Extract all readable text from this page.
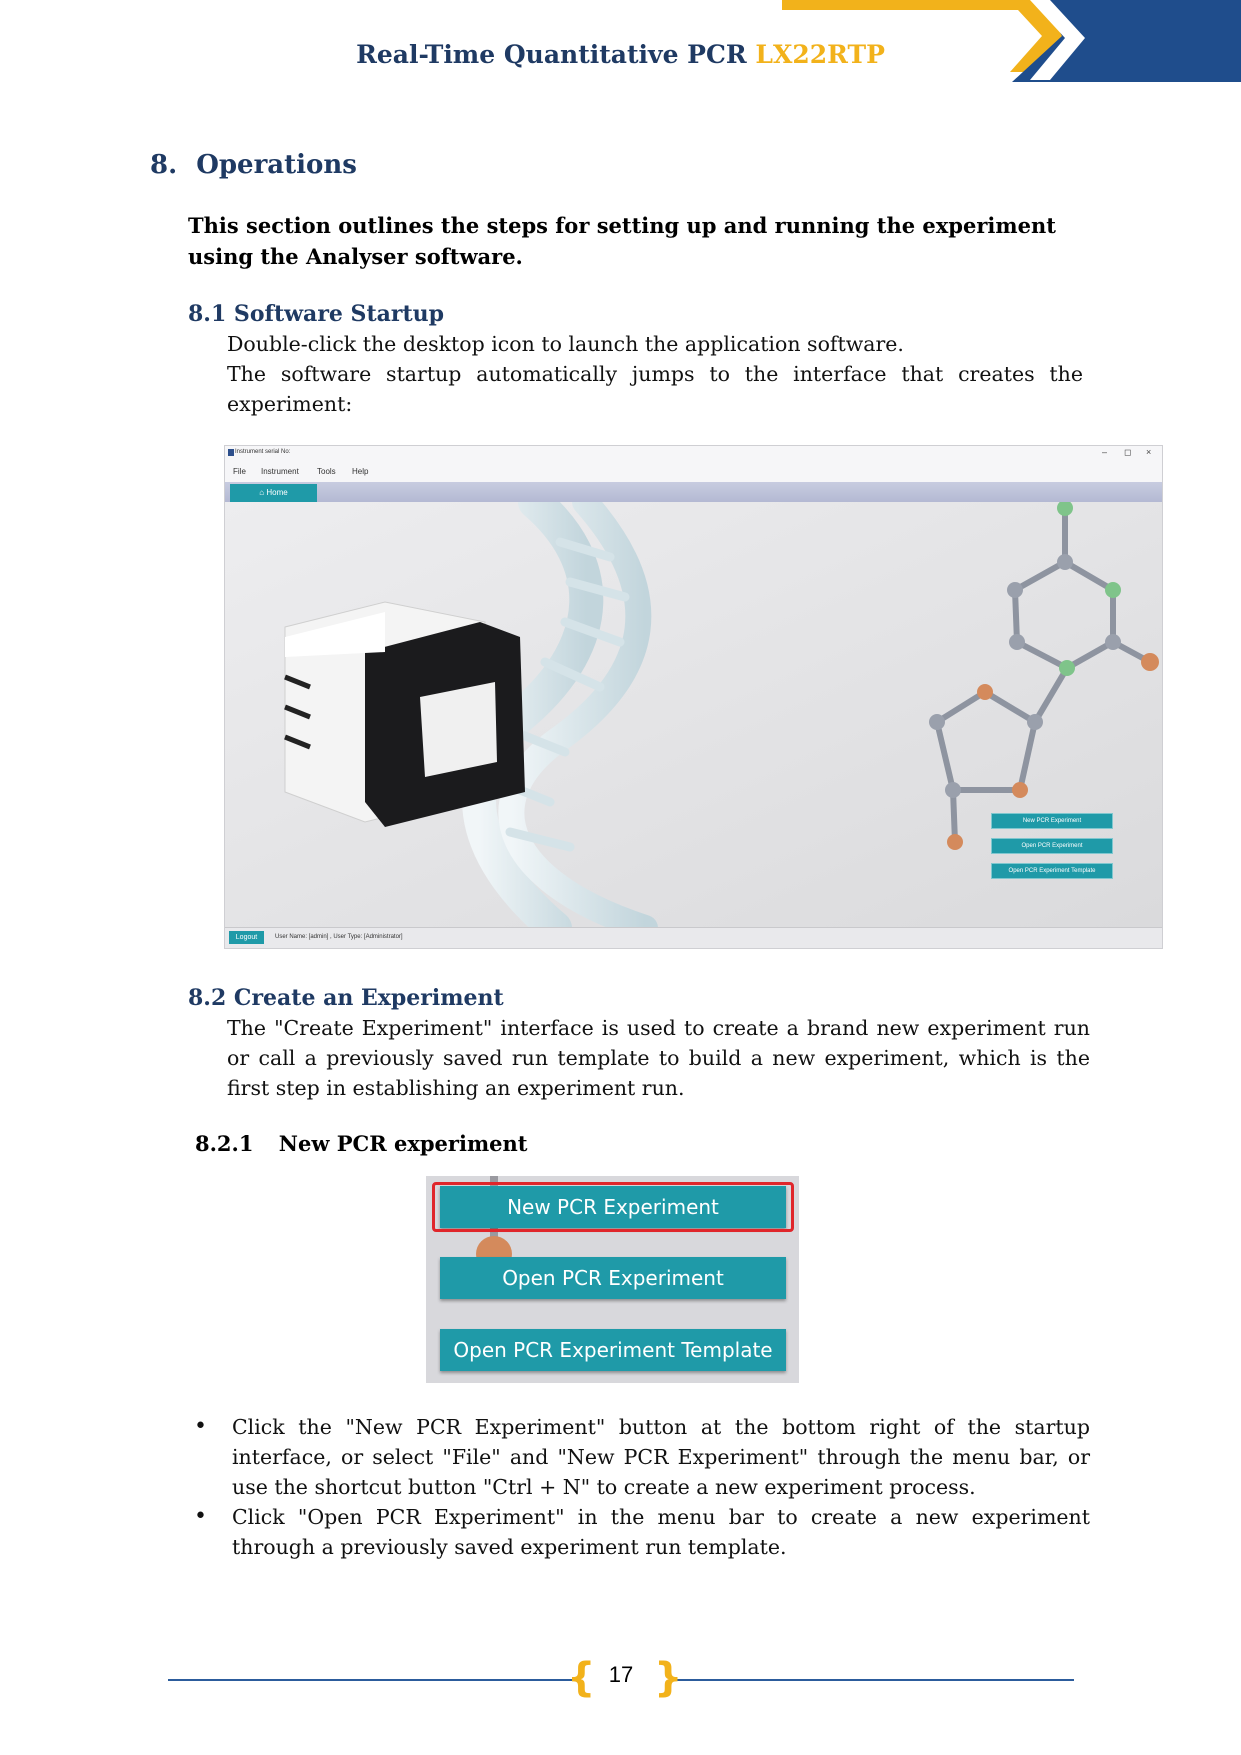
Real-Time Quantitative PCR LX22RTP
8. Operations
This section outlines the steps for setting up and running the experiment using the Analyser software.
8.1 Software Startup
Double-click the desktop icon to launch the application software.
The software startup automatically jumps to the interface that creates the experiment:
Instrument serial No:	– ◻ ×
File Instrument Tools Help
⌂ Home
New PCR Experiment
Open PCR Experiment
Open PCR Experiment Template
Logout	User Name: [admin] , User Type: [Administrator]
8.2 Create an Experiment
The "Create Experiment" interface is used to create a brand new experiment run or call a previously saved run template to build a new experiment, which is the first step in establishing an experiment run.
8.2.1 New PCR experiment
New PCR Experiment
Open PCR Experiment
Open PCR Experiment Template
• Click the "New PCR Experiment" button at the bottom right of the startup interface, or select "File" and "New PCR Experiment" through the menu bar, or use the shortcut button "Ctrl + N" to create a new experiment process.
• Click "Open PCR Experiment" in the menu bar to create a new experiment through a previously saved experiment run template.
{ }
17
